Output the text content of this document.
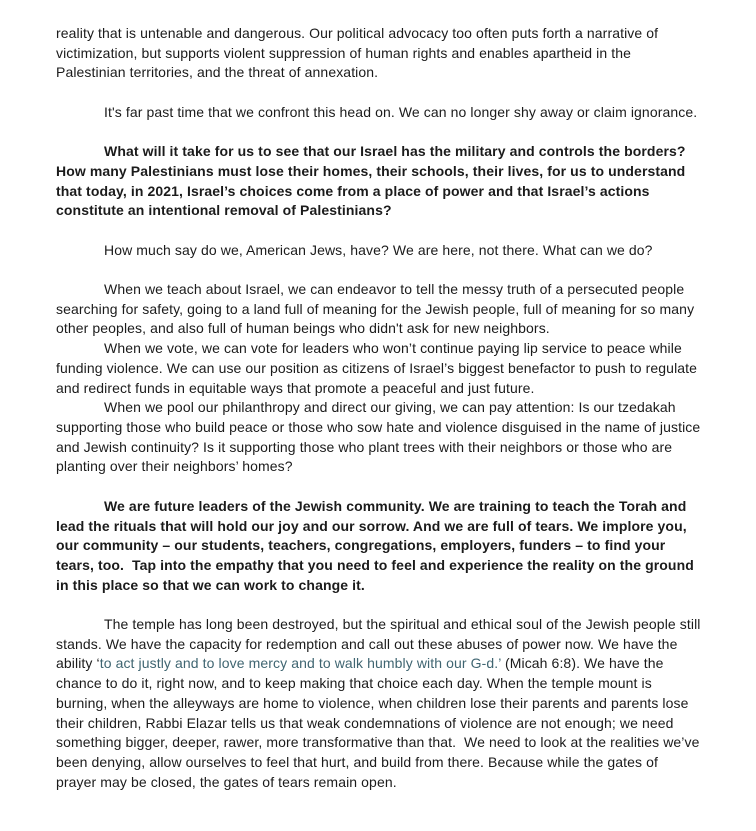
reality that is untenable and dangerous. Our political advocacy too often puts forth a narrative of victimization, but supports violent suppression of human rights and enables apartheid in the Palestinian territories, and the threat of annexation.

It's far past time that we confront this head on. We can no longer shy away or claim ignorance.

What will it take for us to see that our Israel has the military and controls the borders? How many Palestinians must lose their homes, their schools, their lives, for us to understand that today, in 2021, Israel’s choices come from a place of power and that Israel’s actions constitute an intentional removal of Palestinians?

How much say do we, American Jews, have? We are here, not there. What can we do?

When we teach about Israel, we can endeavor to tell the messy truth of a persecuted people searching for safety, going to a land full of meaning for the Jewish people, full of meaning for so many other peoples, and also full of human beings who didn't ask for new neighbors.

When we vote, we can vote for leaders who won’t continue paying lip service to peace while funding violence. We can use our position as citizens of Israel’s biggest benefactor to push to regulate and redirect funds in equitable ways that promote a peaceful and just future.

When we pool our philanthropy and direct our giving, we can pay attention: Is our tzedakah supporting those who build peace or those who sow hate and violence disguised in the name of justice and Jewish continuity? Is it supporting those who plant trees with their neighbors or those who are planting over their neighbors’ homes?

We are future leaders of the Jewish community. We are training to teach the Torah and lead the rituals that will hold our joy and our sorrow. And we are full of tears. We implore you, our community – our students, teachers, congregations, employers, funders – to find your tears, too.  Tap into the empathy that you need to feel and experience the reality on the ground in this place so that we can work to change it.

The temple has long been destroyed, but the spiritual and ethical soul of the Jewish people still stands. We have the capacity for redemption and call out these abuses of power now. We have the ability ‘to act justly and to love mercy and to walk humbly with our G-d.’ (Micah 6:8). We have the chance to do it, right now, and to keep making that choice each day. When the temple mount is burning, when the alleyways are home to violence, when children lose their parents and parents lose their children, Rabbi Elazar tells us that weak condemnations of violence are not enough; we need something bigger, deeper, rawer, more transformative than that.  We need to look at the realities we’ve been denying, allow ourselves to feel that hurt, and build from there. Because while the gates of prayer may be closed, the gates of tears remain open.
